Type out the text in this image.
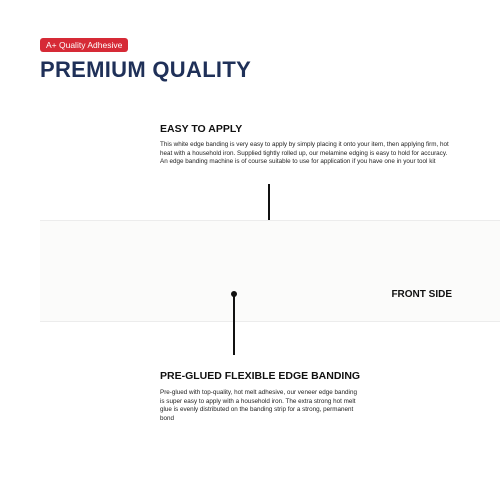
A+ Quality Adhesive
PREMIUM QUALITY
EASY TO APPLY

This white edge banding is very easy to apply by simply placing it onto your item, then applying firm, hot heat with a household iron. Supplied tightly rolled up, our melamine edging is easy to hold for accuracy. An edge banding machine is of course suitable to use for application if you have one in your tool kit

FRONT SIDE
PRE-GLUED FLEXIBLE EDGE BANDING

Pre-glued with top-quality, hot melt adhesive, our veneer edge banding is super easy to apply with a household iron. The extra strong hot melt glue is evenly distributed on the banding strip for a strong, permanent bond
